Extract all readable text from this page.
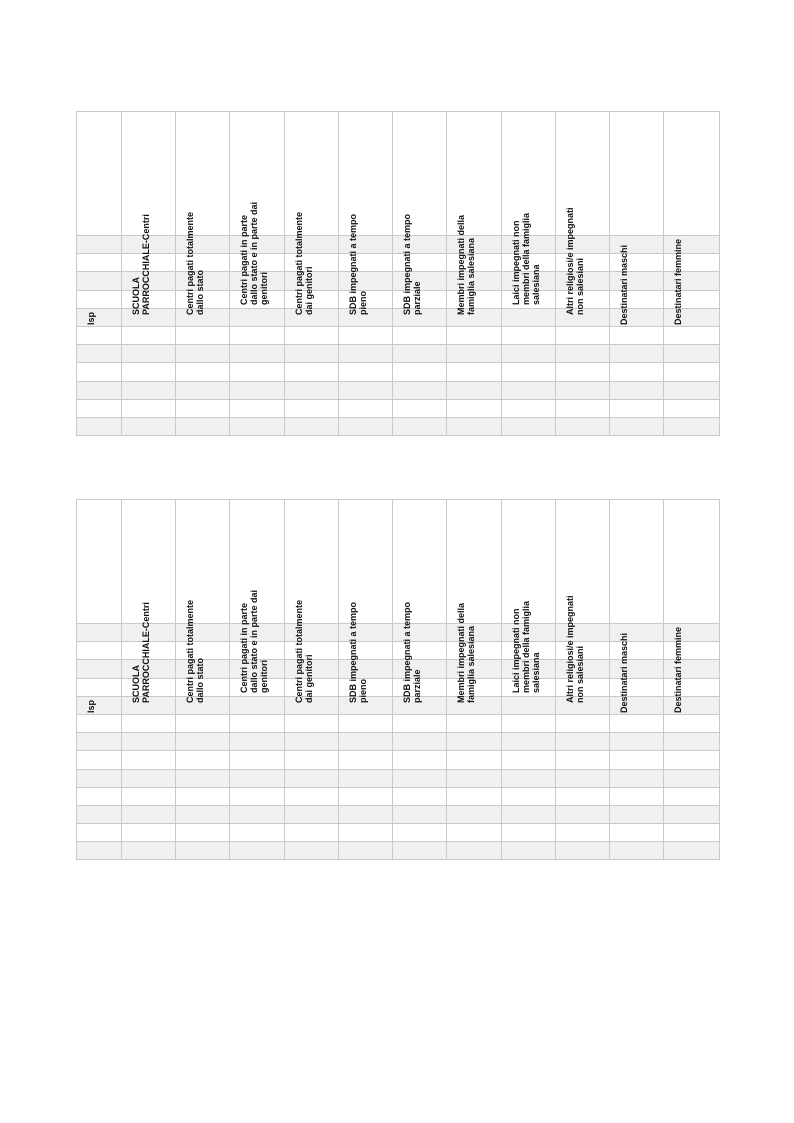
Isp	SCUOLA PARROCCHIALE-Centri	Centri pagati totalmente dallo stato	Centri pagati in parte dallo stato e in parte dai genitori	Centri pagati totalmente dai genitori	SDB impegnati a tempo pieno	SDB impegnati a tempo parziale	Membri impegnati della famiglia salesiana	Laici impegnati non membri della famiglia salesiana	Altri religiosi/e impegnati non salesiani	Destinatari maschi	Destinatari femmine

Isp	SCUOLA PARROCCHIALE-Centri	Centri pagati totalmente dallo stato	Centri pagati in parte dallo stato e in parte dai genitori	Centri pagati totalmente dai genitori	SDB impegnati a tempo pieno	SDB impegnati a tempo parziale	Membri impegnati della famiglia salesiana	Laici impegnati non membri della famiglia salesiana	Altri religiosi/e impegnati non salesiani	Destinatari maschi	Destinatari femmine
